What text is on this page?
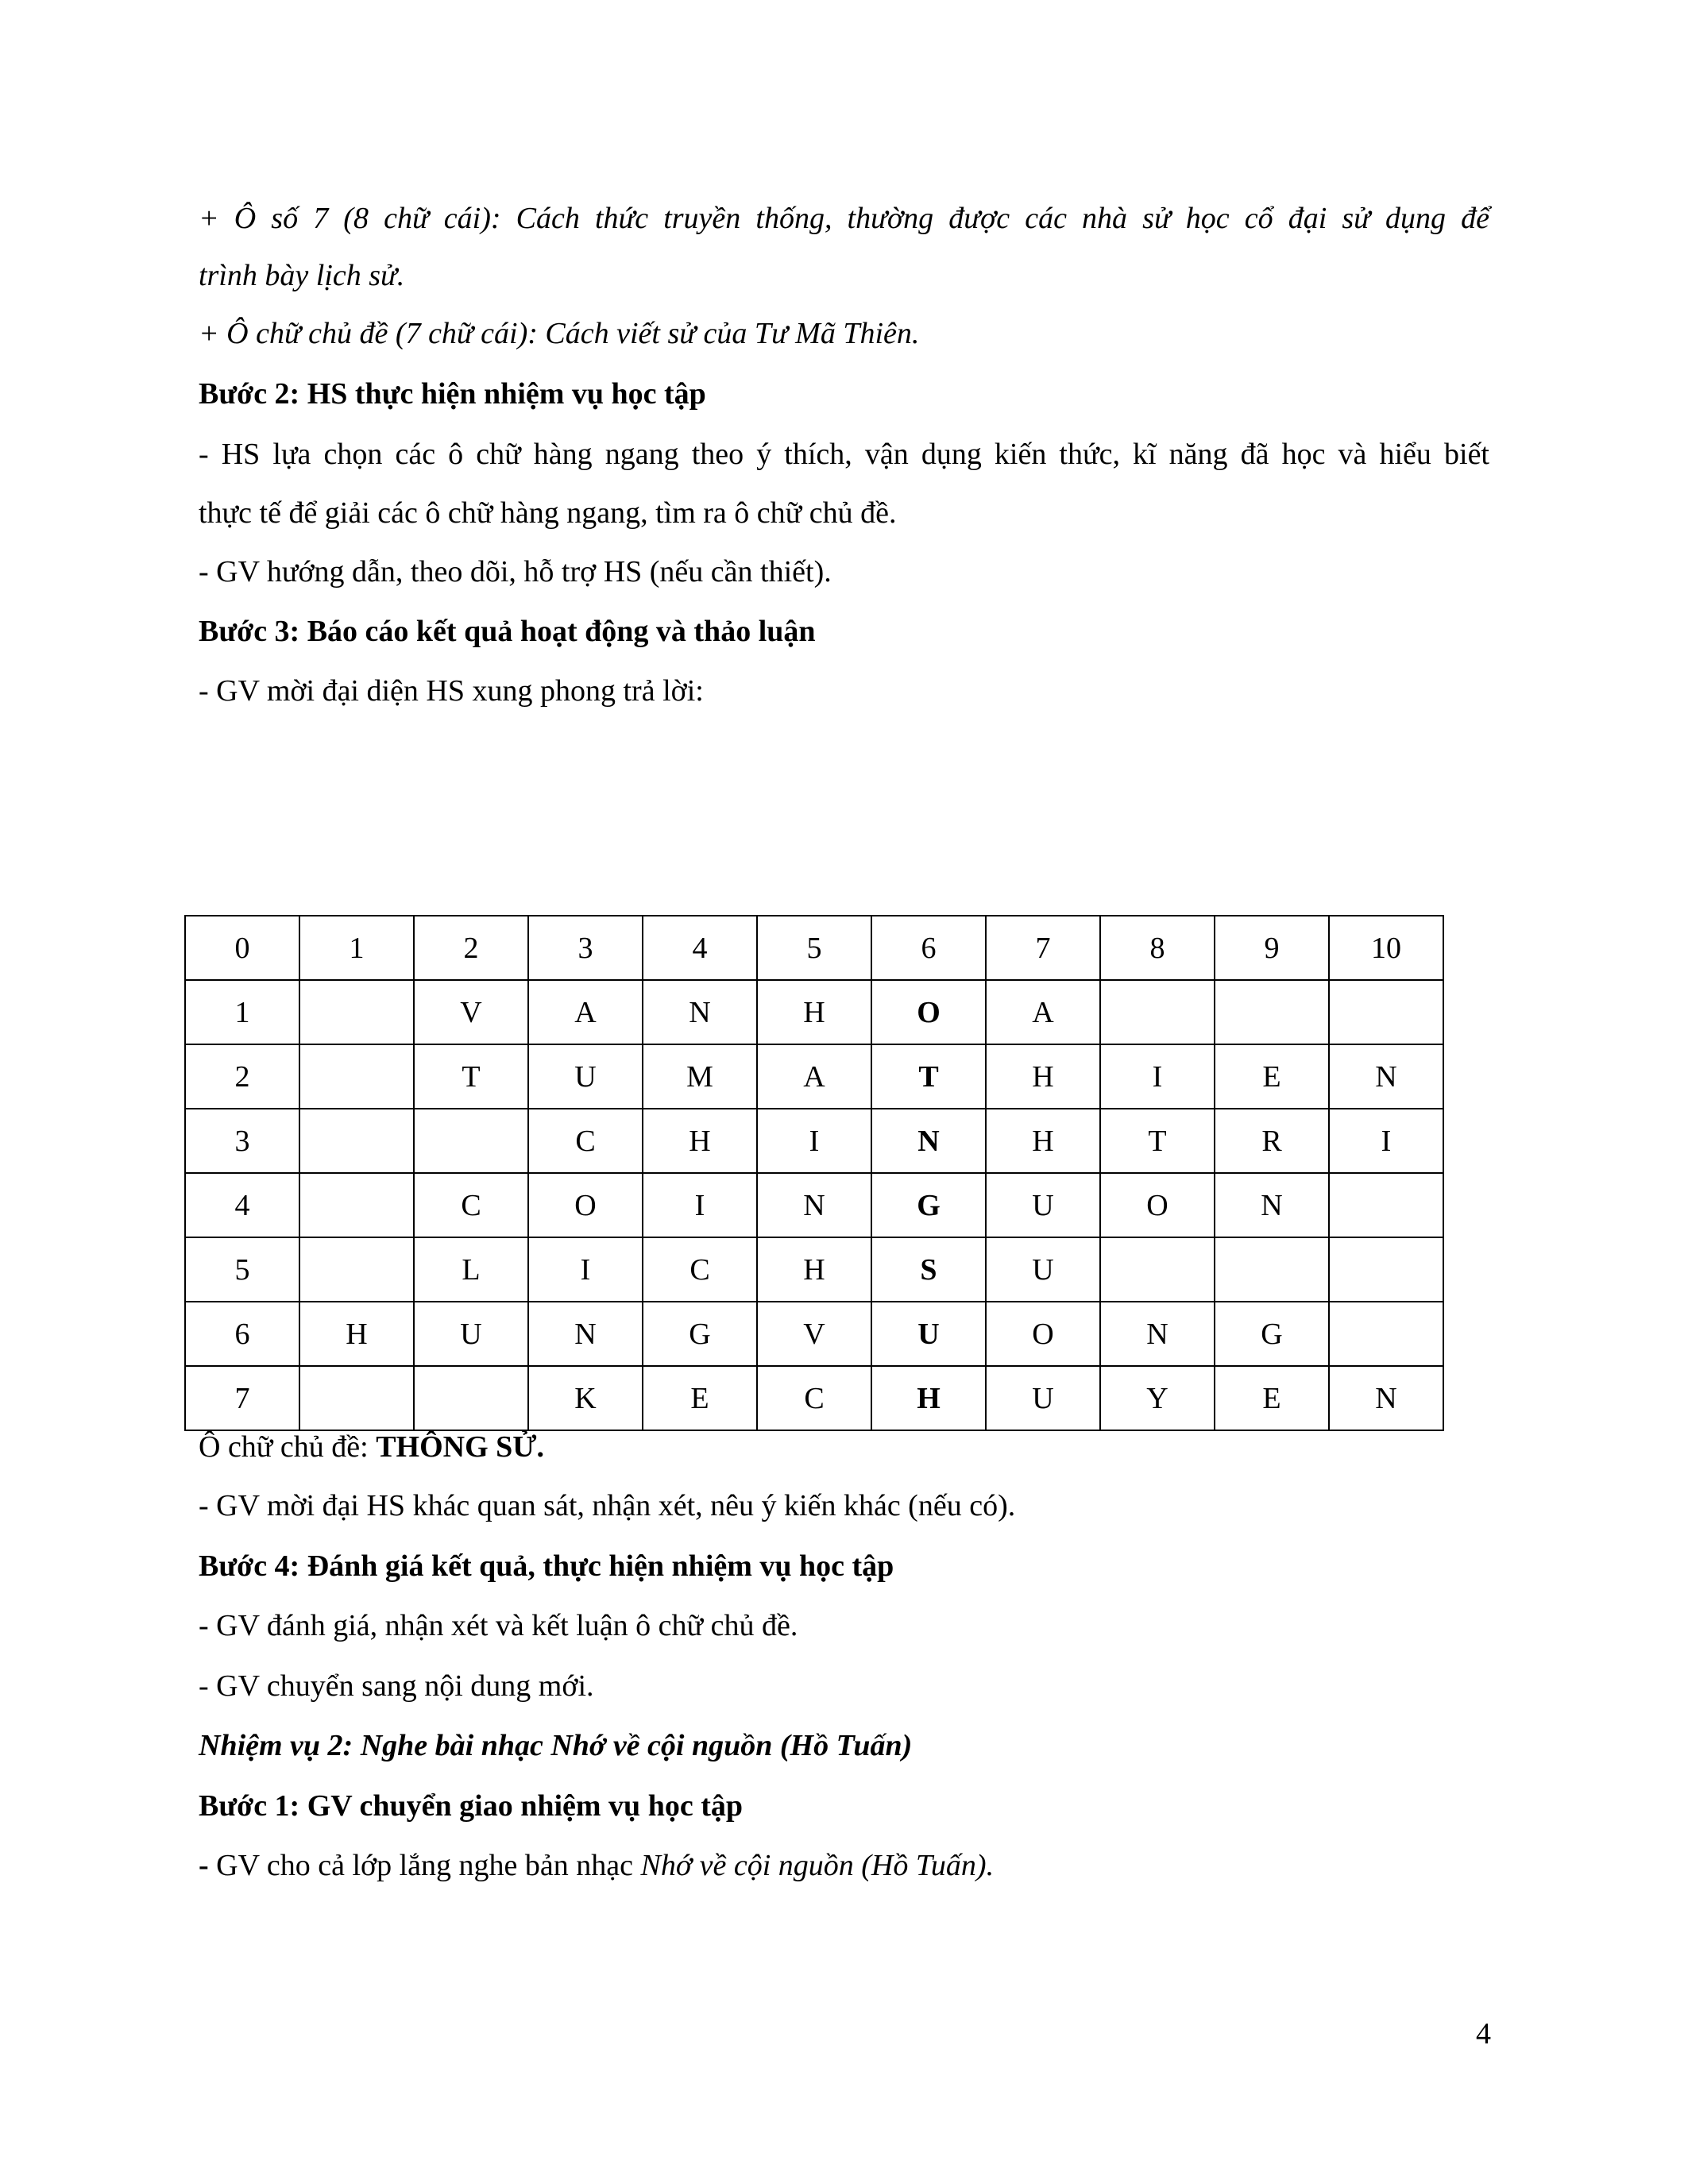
+ Ô số 7 (8 chữ cái): Cách thức truyền thống, thường được các nhà sử học cổ đại sử dụng để
trình bày lịch sử.
+ Ô chữ chủ đề (7 chữ cái): Cách viết sử của Tư Mã Thiên.
Bước 2: HS thực hiện nhiệm vụ học tập
- HS lựa chọn các ô chữ hàng ngang theo ý thích, vận dụng kiến thức, kĩ năng đã học và hiểu biết
thực tế để giải các ô chữ hàng ngang, tìm ra ô chữ chủ đề.
- GV hướng dẫn, theo dõi, hỗ trợ HS (nếu cần thiết).
Bước 3: Báo cáo kết quả hoạt động và thảo luận
- GV mời đại diện HS xung phong trả lời:
0	1	2	3	4	5	6	7	8	9	10
1		V	A	N	H	O	A			
2		T	U	M	A	T	H	I	E	N
3			C	H	I	N	H	T	R	I
4		C	O	I	N	G	U	O	N	
5		L	I	C	H	S	U			
6	H	U	N	G	V	U	O	N	G	
7			K	E	C	H	U	Y	E	N
Ô chữ chủ đề: THÔNG SỬ.
- GV mời đại HS khác quan sát, nhận xét, nêu ý kiến khác (nếu có).
Bước 4: Đánh giá kết quả, thực hiện nhiệm vụ học tập
- GV đánh giá, nhận xét và kết luận ô chữ chủ đề.
- GV chuyển sang nội dung mới.
Nhiệm vụ 2: Nghe bài nhạc Nhớ về cội nguồn (Hồ Tuấn)
Bước 1: GV chuyển giao nhiệm vụ học tập
- GV cho cả lớp lắng nghe bản nhạc Nhớ về cội nguồn (Hồ Tuấn).
4
